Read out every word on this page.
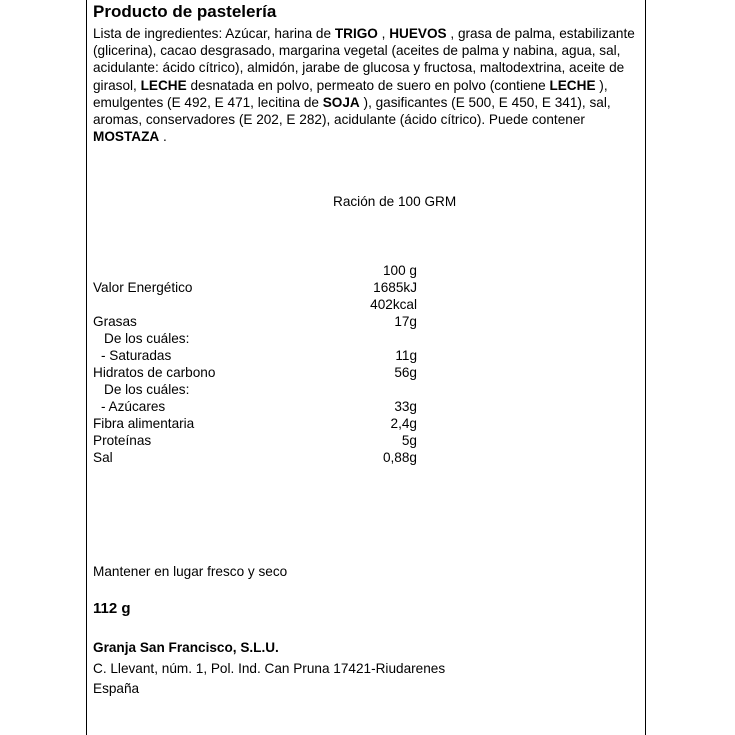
Producto de pastelería
Lista de ingredientes: Azúcar, harina de TRIGO , HUEVOS , grasa de palma, estabilizante (glicerina), cacao desgrasado, margarina vegetal (aceites de palma y nabina, agua, sal, acidulante: ácido cítrico), almidón, jarabe de glucosa y fructosa, maltodextrina, aceite de girasol, LECHE desnatada en polvo, permeato de suero en polvo (contiene LECHE ), emulgentes (E 492, E 471, lecitina de SOJA ), gasificantes (E 500, E 450, E 341), sal, aromas, conservadores (E 202, E 282), acidulante (ácido cítrico). Puede contener MOSTAZA .
Ración de 100 GRM
100 g
Valor Energético	1685kJ
402kcal
Grasas	17g
De los cuáles:
- Saturadas	11g
Hidratos de carbono	56g
De los cuáles:
- Azúcares	33g
Fibra alimentaria	2,4g
Proteínas	5g
Sal	0,88g
Mantener en lugar fresco y seco
112 g
Granja San Francisco, S.L.U.
C. Llevant, núm. 1, Pol. Ind. Can Pruna 17421-Riudarenes
España
